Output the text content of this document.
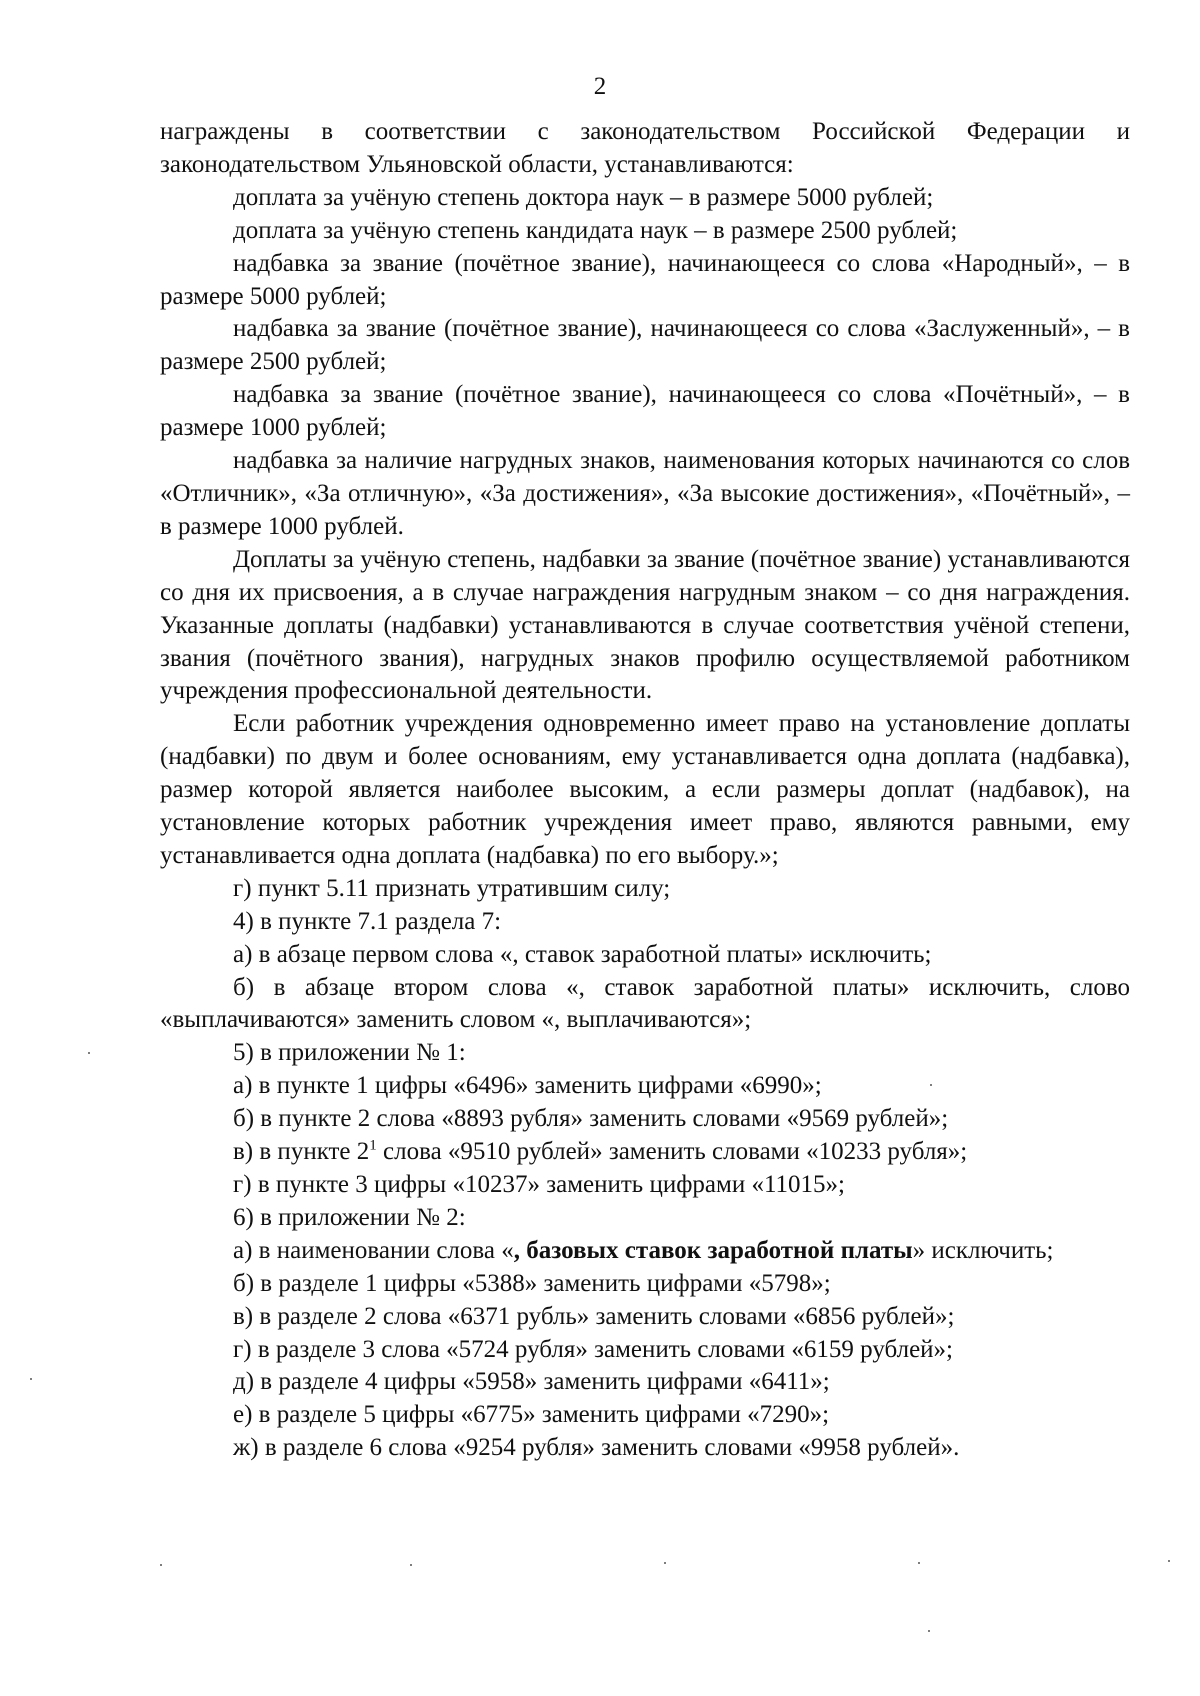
2

награждены в соответствии с законодательством Российской Федерации и законодательством Ульяновской области, устанавливаются:

доплата за учёную степень доктора наук – в размере 5000 рублей;

доплата за учёную степень кандидата наук – в размере 2500 рублей;

надбавка за звание (почётное звание), начинающееся со слова «Народный», – в размере 5000 рублей;

надбавка за звание (почётное звание), начинающееся со слова «Заслуженный», – в размере 2500 рублей;

надбавка за звание (почётное звание), начинающееся со слова «Почётный», – в размере 1000 рублей;

надбавка за наличие нагрудных знаков, наименования которых начинаются со слов «Отличник», «За отличную», «За достижения», «За высокие достижения», «Почётный», – в размере 1000 рублей.

Доплаты за учёную степень, надбавки за звание (почётное звание) устанавливаются со дня их присвоения, а в случае награждения нагрудным знаком – со дня награждения. Указанные доплаты (надбавки) устанавливаются в случае соответствия учёной степени, звания (почётного звания), нагрудных знаков профилю осуществляемой работником учреждения профессиональной деятельности.

Если работник учреждения одновременно имеет право на установление доплаты (надбавки) по двум и более основаниям, ему устанавливается одна доплата (надбавка), размер которой является наиболее высоким, а если размеры доплат (надбавок), на установление которых работник учреждения имеет право, являются равными, ему устанавливается одна доплата (надбавка) по его выбору.»;

г) пункт 5.11 признать утратившим силу;

4) в пункте 7.1 раздела 7:

а) в абзаце первом слова «, ставок заработной платы» исключить;

б) в абзаце втором слова «, ставок заработной платы» исключить, слово «выплачиваются» заменить словом «, выплачиваются»;

5) в приложении № 1:

а) в пункте 1 цифры «6496» заменить цифрами «6990»;

б) в пункте 2 слова «8893 рубля» заменить словами «9569 рублей»;

в) в пункте $2^1$ слова «9510 рублей» заменить словами «10233 рубля»;

г) в пункте 3 цифры «10237» заменить цифрами «11015»;

6) в приложении № 2:

а) в наименовании слова «, базовых ставок заработной платы» исключить;

б) в разделе 1 цифры «5388» заменить цифрами «5798»;

в) в разделе 2 слова «6371 рубль» заменить словами «6856 рублей»;

г) в разделе 3 слова «5724 рубля» заменить словами «6159 рублей»;

д) в разделе 4 цифры «5958» заменить цифрами «6411»;

е) в разделе 5 цифры «6775» заменить цифрами «7290»;

ж) в разделе 6 слова «9254 рубля» заменить словами «9958 рублей».
